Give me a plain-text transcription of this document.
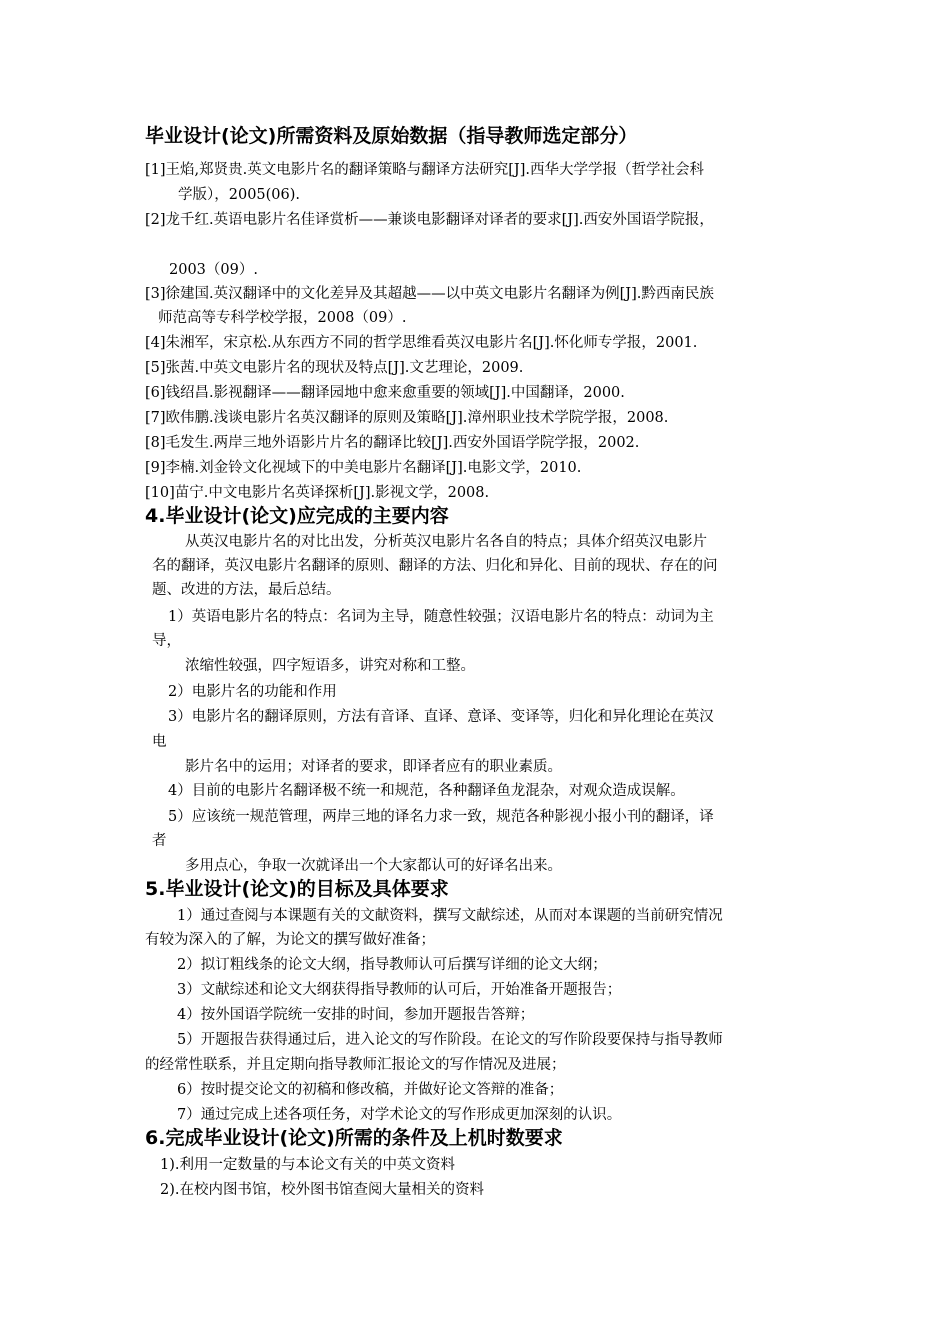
毕业设计(论文)所需资料及原始数据（指导教师选定部分）
[1]王焰,郑贤贵.英文电影片名的翻译策略与翻译方法研究[J].西华大学学报（哲学社会科
学版），2005(06).
[2]龙千红.英语电影片名佳译赏析——兼谈电影翻译对译者的要求[J].西安外国语学院报，
2003（09）.
[3]徐建国.英汉翻译中的文化差异及其超越——以中英文电影片名翻译为例[J].黔西南民族
师范高等专科学校学报，2008（09）.
[4]朱湘军，宋京松.从东西方不同的哲学思维看英汉电影片名[J].怀化师专学报，2001.
[5]张茜.中英文电影片名的现状及特点[J].文艺理论，2009.
[6]钱绍昌.影视翻译——翻译园地中愈来愈重要的领域[J].中国翻译，2000.
[7]欧伟鹏.浅谈电影片名英汉翻译的原则及策略[J].漳州职业技术学院学报，2008.
[8]毛发生.两岸三地外语影片片名的翻译比较[J].西安外国语学院学报，2002.
[9]李楠.刘金铃文化视域下的中美电影片名翻译[J].电影文学，2010.
[10]苗宁.中文电影片名英译探析[J].影视文学，2008.
4.毕业设计(论文)应完成的主要内容
从英汉电影片名的对比出发，分析英汉电影片名各自的特点；具体介绍英汉电影片
名的翻译，英汉电影片名翻译的原则、翻译的方法、归化和异化、目前的现状、存在的问
题、改进的方法，最后总结。
1）英语电影片名的特点：名词为主导，随意性较强；汉语电影片名的特点：动词为主
导，
浓缩性较强，四字短语多，讲究对称和工整。
2）电影片名的功能和作用
3）电影片名的翻译原则，方法有音译、直译、意译、变译等，归化和异化理论在英汉
电
影片名中的运用；对译者的要求，即译者应有的职业素质。
4）目前的电影片名翻译极不统一和规范，各种翻译鱼龙混杂，对观众造成误解。
5）应该统一规范管理，两岸三地的译名力求一致，规范各种影视小报小刊的翻译，译
者
多用点心，争取一次就译出一个大家都认可的好译名出来。
5.毕业设计(论文)的目标及具体要求
1）通过查阅与本课题有关的文献资料，撰写文献综述，从而对本课题的当前研究情况
有较为深入的了解，为论文的撰写做好准备；
2）拟订粗线条的论文大纲，指导教师认可后撰写详细的论文大纲；
3）文献综述和论文大纲获得指导教师的认可后，开始准备开题报告；
4）按外国语学院统一安排的时间，参加开题报告答辩；
5）开题报告获得通过后，进入论文的写作阶段。在论文的写作阶段要保持与指导教师
的经常性联系，并且定期向指导教师汇报论文的写作情况及进展；
6）按时提交论文的初稿和修改稿，并做好论文答辩的准备；
7）通过完成上述各项任务，对学术论文的写作形成更加深刻的认识。
6.完成毕业设计(论文)所需的条件及上机时数要求
1).利用一定数量的与本论文有关的中英文资料
2).在校内图书馆，校外图书馆查阅大量相关的资料
